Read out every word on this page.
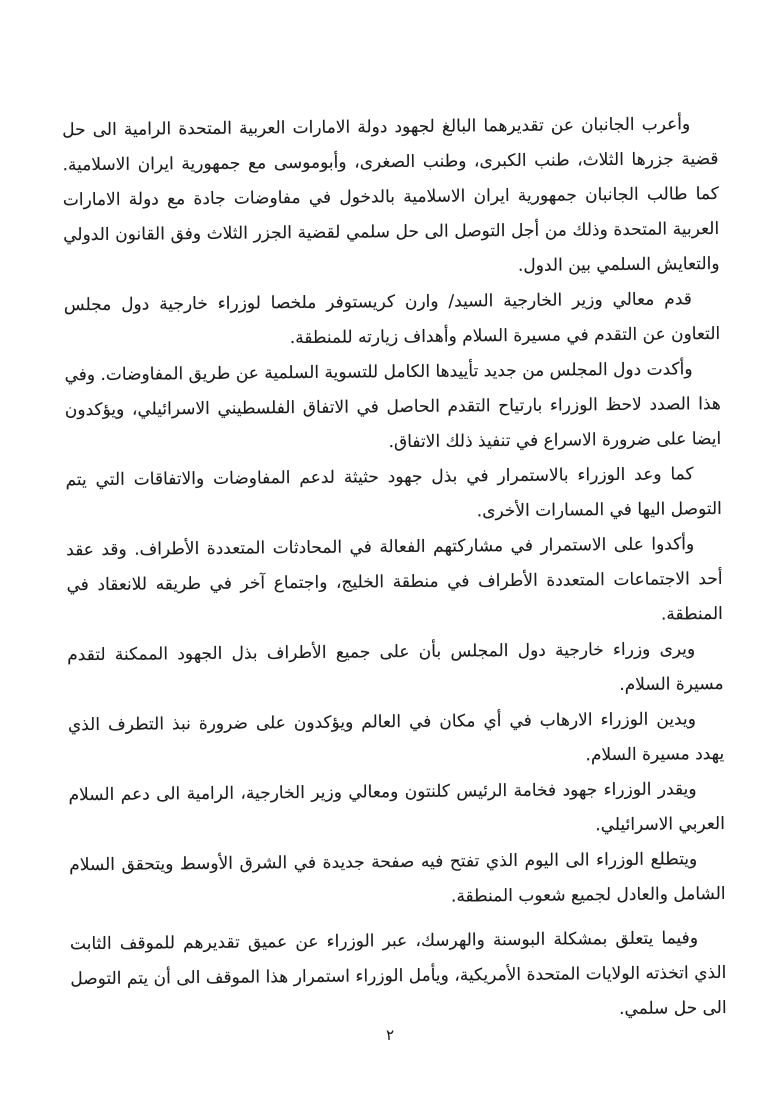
وأعرب الجانبان عن تقديرهما البالغ لجهود دولة الامارات العربية المتحدة الرامية الى حل قضية جزرها الثلاث، طنب الكبرى، وطنب الصغرى، وأبوموسى مع جمهورية ايران الاسلامية. كما طالب الجانبان جمهورية ايران الاسلامية بالدخول في مفاوضات جادة مع دولة الامارات العربية المتحدة وذلك من أجل التوصل الى حل سلمي لقضية الجزر الثلاث وفق القانون الدولي والتعايش السلمي بين الدول.

قدم معالي وزير الخارجية السيد/ وارن كريستوفر ملخصا لوزراء خارجية دول مجلس التعاون عن التقدم في مسيرة السلام وأهداف زيارته للمنطقة.

وأكدت دول المجلس من جديد تأييدها الكامل للتسوية السلمية عن طريق المفاوضات. وفي هذا الصدد لاحظ الوزراء بارتياح التقدم الحاصل في الاتفاق الفلسطيني الاسرائيلي، ويؤكدون ايضا على ضرورة الاسراع في تنفيذ ذلك الاتفاق.

كما وعد الوزراء بالاستمرار في بذل جهود حثيثة لدعم المفاوضات والاتفاقات التي يتم التوصل اليها في المسارات الأخرى.

وأكدوا على الاستمرار في مشاركتهم الفعالة في المحادثات المتعددة الأطراف. وقد عقد أحد الاجتماعات المتعددة الأطراف في منطقة الخليج، واجتماع آخر في طريقه للانعقاد في المنطقة.

ويرى وزراء خارجية دول المجلس بأن على جميع الأطراف بذل الجهود الممكنة لتقدم مسيرة السلام.

ويدين الوزراء الارهاب في أي مكان في العالم ويؤكدون على ضرورة نبذ التطرف الذي يهدد مسيرة السلام.

ويقدر الوزراء جهود فخامة الرئيس كلنتون ومعالي وزير الخارجية، الرامية الى دعم السلام العربي الاسرائيلي.

ويتطلع الوزراء الى اليوم الذي تفتح فيه صفحة جديدة في الشرق الأوسط ويتحقق السلام الشامل والعادل لجميع شعوب المنطقة.

وفيما يتعلق بمشكلة البوسنة والهرسك، عبر الوزراء عن عميق تقديرهم للموقف الثابت الذي اتخذته الولايات المتحدة الأمريكية، ويأمل الوزراء استمرار هذا الموقف الى أن يتم التوصل الى حل سلمي.

٢
